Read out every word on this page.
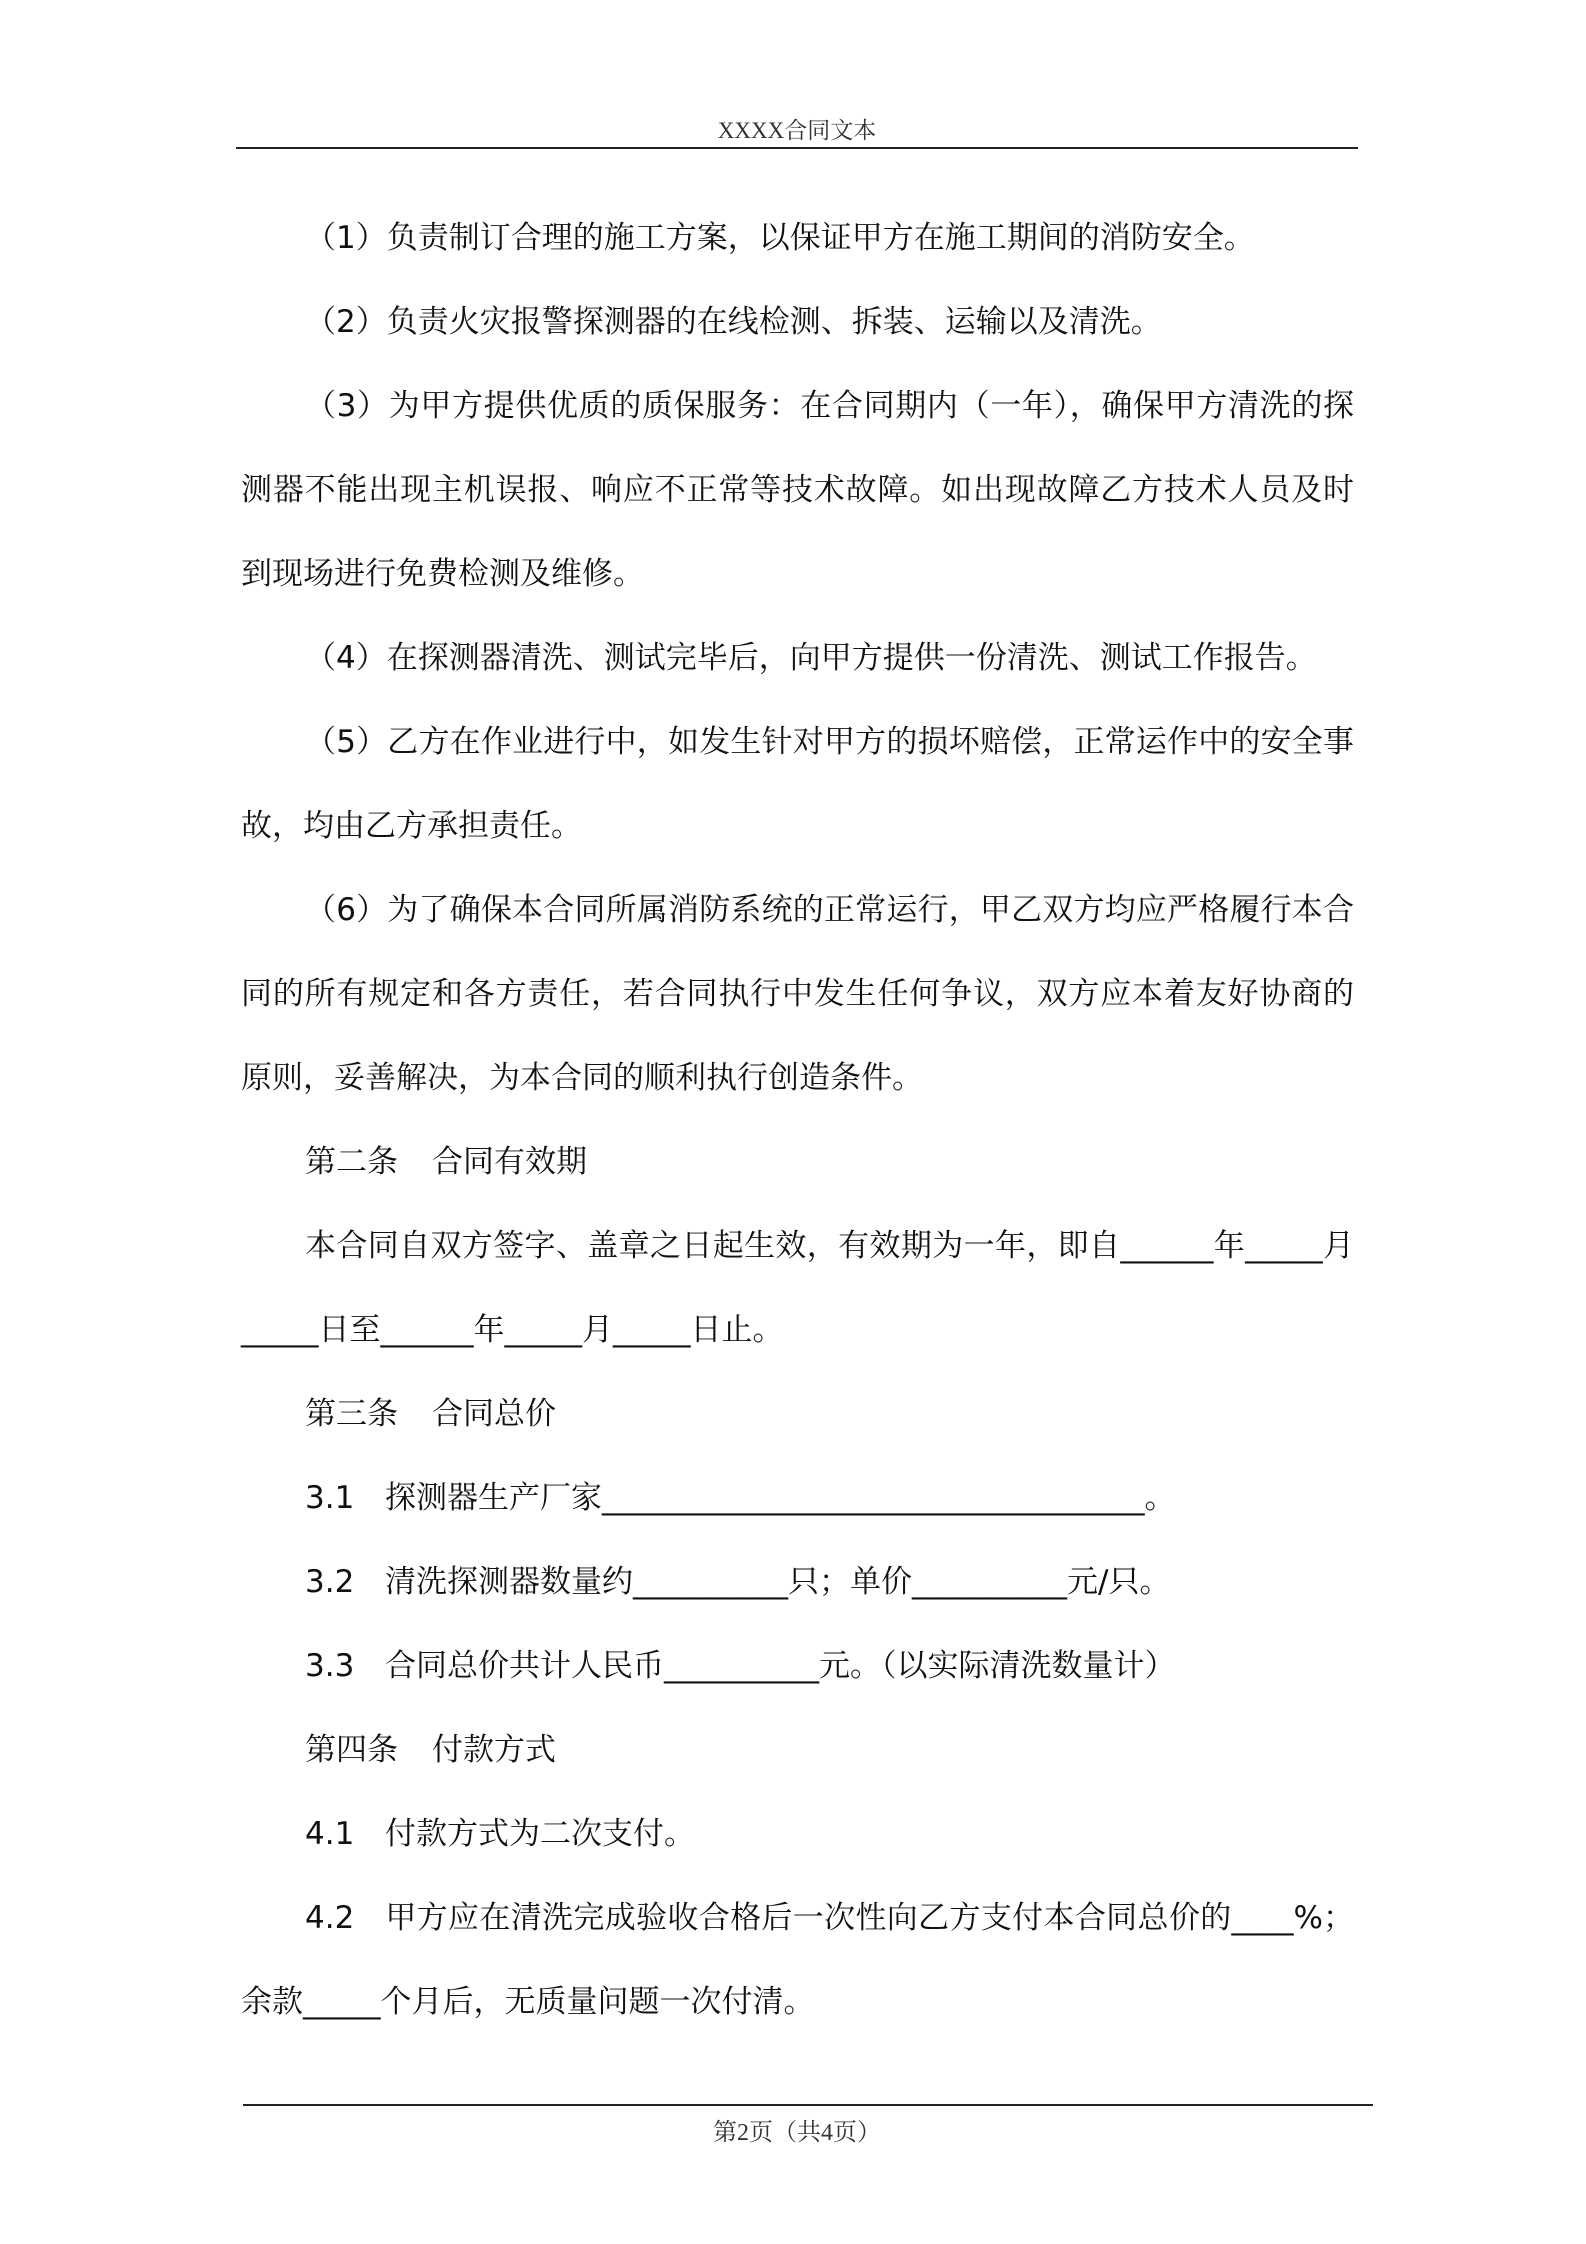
XXXX合同文本

（1）负责制订合理的施工方案，以保证甲方在施工期间的消防安全。

（2）负责火灾报警探测器的在线检测、拆装、运输以及清洗。

（3）为甲方提供优质的质保服务：在合同期内（一年），确保甲方清洗的探测器不能出现主机误报、响应不正常等技术故障。如出现故障乙方技术人员及时到现场进行免费检测及维修。

（4）在探测器清洗、测试完毕后，向甲方提供一份清洗、测试工作报告。

（5）乙方在作业进行中，如发生针对甲方的损坏赔偿，正常运作中的安全事故，均由乙方承担责任。

（6）为了确保本合同所属消防系统的正常运行，甲乙双方均应严格履行本合同的所有规定和各方责任，若合同执行中发生任何争议，双方应本着友好协商的原则，妥善解决，为本合同的顺利执行创造条件。

第二条 合同有效期

本合同自双方签字、盖章之日起生效，有效期为一年，即自______年_____月_____日至______年_____月_____日止。

第三条 合同总价

3.1 探测器生产厂家___________________________________。

3.2 清洗探测器数量约__________只；单价__________元/只。

3.3 合同总价共计人民币__________元。（以实际清洗数量计）

第四条 付款方式

4.1 付款方式为二次支付。

4.2 甲方应在清洗完成验收合格后一次性向乙方支付本合同总价的____%；余款_____个月后，无质量问题一次付清。

第2页（共4页）
